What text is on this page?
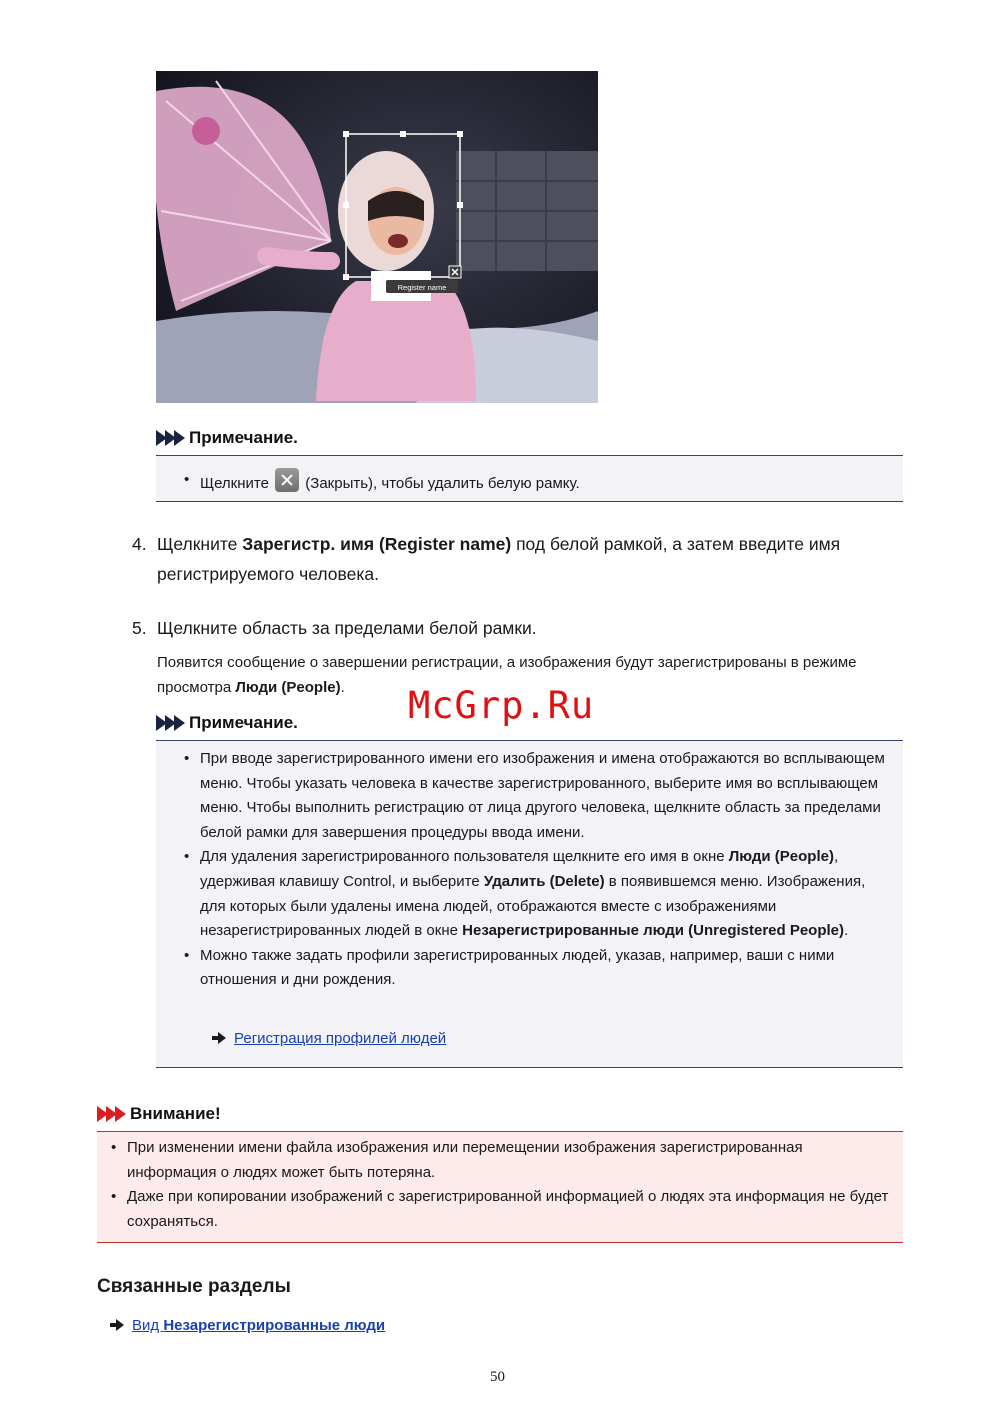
Register name
Примечание.
• Щелкните (Закрыть), чтобы удалить белую рамку.
4. Щелкните Зарегистр. имя (Register name) под белой рамкой, а затем введите имя регистрируемого человека.
5. Щелкните область за пределами белой рамки.
Появится сообщение о завершении регистрации, а изображения будут зарегистрированы в режиме просмотра Люди (People).
Примечание.
• При вводе зарегистрированного имени его изображения и имена отображаются во всплывающем меню. Чтобы указать человека в качестве зарегистрированного, выберите имя во всплывающем меню. Чтобы выполнить регистрацию от лица другого человека, щелкните область за пределами белой рамки для завершения процедуры ввода имени.
• Для удаления зарегистрированного пользователя щелкните его имя в окне Люди (People), удерживая клавишу Control, и выберите Удалить (Delete) в появившемся меню. Изображения, для которых были удалены имена людей, отображаются вместе с изображениями незарегистрированных людей в окне Незарегистрированные люди (Unregistered People).
• Можно также задать профили зарегистрированных людей, указав, например, ваши с ними отношения и дни рождения.
Регистрация профилей людей
McGrp.Ru
Внимание!
• При изменении имени файла изображения или перемещении изображения зарегистрированная информация о людях может быть потеряна.
• Даже при копировании изображений с зарегистрированной информацией о людях эта информация не будет сохраняться.
Связанные разделы
Вид Незарегистрированные люди
50
